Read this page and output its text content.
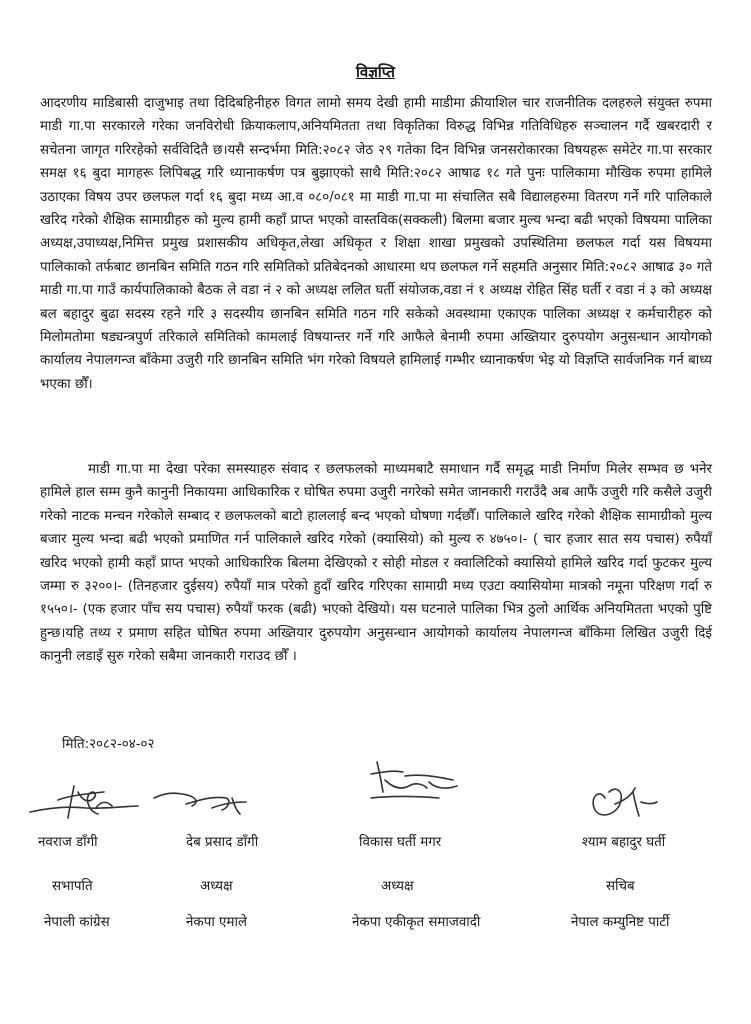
विज्ञप्ति

आदरणीय माडिबासी दाजुभाइ तथा दिदिबहिनीहरु विगत लामो समय देखी हामी माडीमा क्रीयाशिल चार राजनीतिक दलहरुले संयुक्त रुपमा माडी गा.पा सरकारले गरेका जनविरोधी क्रियाकलाप,अनियमितता तथा विकृतिका विरुद्ध विभिन्न गतिविधिहरु सञ्चालन गर्दै खबरदारी र सचेतना जागृत गरिरहेको सर्वविदितै छ।यसै सन्दर्भमा मिति:२०८२ जेठ २९ गतेका दिन विभिन्न जनसरोकारका विषयहरू समेटेर गा.पा सरकार समक्ष १६ बुदा मागहरू लिपिबद्ध गरि ध्यानाकर्षण पत्र बुझाएको साथै मिति:२०८२ आषाढ १८ गते पुनः पालिकामा मौखिक रुपमा हामिले उठाएका विषय उपर छलफल गर्दा १६ बुदा मध्य आ.व ०८०/०८१ मा माडी गा.पा मा संचालित सबै विद्यालहरुमा वितरण गर्ने गरि पालिकाले खरिद गरेको शैक्षिक सामाग्रीहरु को मुल्य हामी कहाँ प्राप्त भएको वास्तविक(सक्कली) बिलमा बजार मुल्य भन्दा बढी भएको विषयमा पालिका अध्यक्ष,उपाध्यक्ष,निमित्त प्रमुख प्रशासकीय अधिकृत,लेखा अधिकृत र शिक्षा शाखा प्रमुखको उपस्थितिमा छलफल गर्दा यस विषयमा पालिकाको तर्फबाट छानबिन समिति गठन गरि समितिको प्रतिबेदनको आधारमा थप छलफल गर्ने सहमति अनुसार मिति:२०८२ आषाढ ३० गते माडी गा.पा गाउँ कार्यपालिकाको बैठक ले वडा नं २ को अध्यक्ष ललित घर्ती संयोजक,वडा नं १ अध्यक्ष रोहित सिंह घर्ती र वडा नं ३ को अध्यक्ष बल बहादुर बुढा सदस्य रहने गरि ३ सदस्यीय छानबिन समिति गठन गरि सकेको अवस्थामा एकाएक पालिका अध्यक्ष र कर्मचारीहरु को मिलोमतोमा षड्यन्त्रपुर्ण तरिकाले समितिको कामलाई विषयान्तर गर्ने गरि आफैले बेनामी रुपमा अख्तियार दुरुपयोग अनुसन्धान आयोगको कार्यालय नेपालगन्ज बाँकेमा उजुरी गरि छानबिन समिति भंग गरेको विषयले हामिलाई गम्भीर ध्यानाकर्षण भेइ यो विज्ञप्ति सार्वजनिक गर्न बाध्य भएका छौँ।

माडी गा.पा मा देखा परेका समस्याहरु संवाद र छलफलको माध्यमबाटै समाधान गर्दै समृद्ध माडी निर्माण मिलेर सम्भव छ भनेर हामिले हाल सम्म कुनै कानुनी निकायमा आधिकारिक र घोषित रुपमा उजुरी नगरेको समेत जानकारी गराउँदै अब आफैं उजुरी गरि कसैले उजुरी गरेको नाटक मन्चन गरेकोले सम्बाद र छलफलको बाटो हाललाई बन्द भएको घोषणा गर्दछौँ। पालिकाले खरिद गरेको शैक्षिक सामाग्रीको मुल्य बजार मुल्य भन्दा बढी भएको प्रमाणित गर्न पालिकाले खरिद गरेको (क्यासियो) को मुल्य रु ४७५०।- ( चार हजार सात सय पचास) रुपैयाँ खरिद भएको हामी कहाँ प्राप्त भएको आधिकारिक बिलमा देखिएको र सोही मोडल र क्वालिटिको क्यासियो हामिले खरिद गर्दा फुटकर मुल्य जम्मा रु ३२००।- (तिनहजार दुईसय) रुपैयाँ मात्र परेको हुदाँ खरिद गरिएका सामाग्री मध्य एउटा क्यासियोमा मात्रको नमूना परिक्षण गर्दा रु १५५०।- (एक हजार पाँच सय पचास) रुपैयाँ फरक (बढी) भएको देखियो। यस घटनाले पालिका भित्र ठुलो आर्थिक अनियमितता भएको पुष्टि हुन्छ।यहि तथ्य र प्रमाण सहित घोषित रुपमा अख्तियार दुरुपयोग अनुसन्धान आयोगको कार्यालय नेपालगन्ज बाँकिमा लिखित उजुरी दिई कानुनी लडाइँ सुरु गरेको सबैमा जानकारी गराउद छौँ ।

मिति:२०८२-०४-०२
नवराज डाँगी	देब प्रसाद डाँगी	विकास घर्ती मगर	श्याम बहादुर घर्ती
सभापति	अध्यक्ष	अध्यक्ष	सचिब
नेपाली कांग्रेस	नेकपा एमाले	नेकपा एकीकृत समाजवादी	नेपाल कम्युनिष्ट पार्टी
